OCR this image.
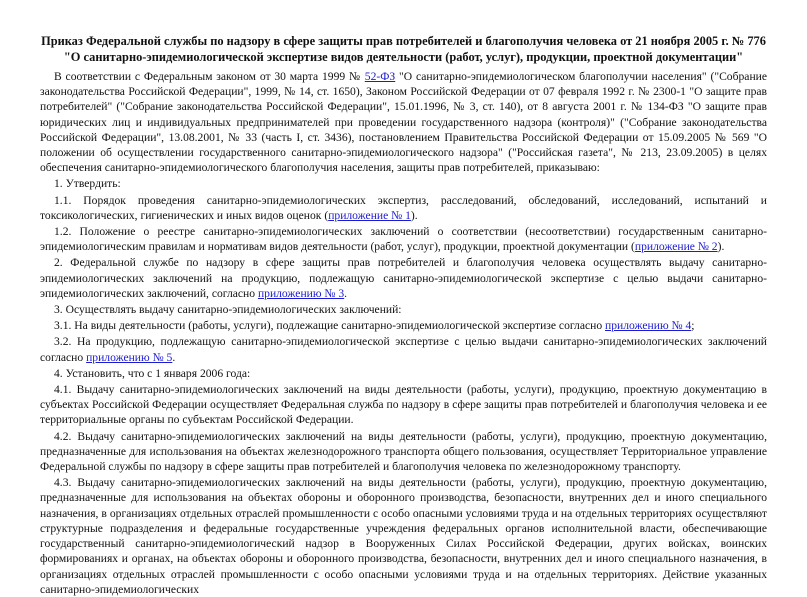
Приказ Федеральной службы по надзору в сфере защиты прав потребителей и благополучия человека от 21 ноября 2005 г. № 776
"О санитарно-эпидемиологической экспертизе видов деятельности (работ, услуг), продукции, проектной документации"

В соответствии с Федеральным законом от 30 марта 1999 № 52-ФЗ "О санитарно-эпидемиологическом благополучии населения" ("Собрание законодательства Российской Федерации", 1999, № 14, ст. 1650), Законом Российской Федерации от 07 февраля 1992 г. № 2300-1 "О защите прав потребителей" ("Собрание законодательства Российской Федерации", 15.01.1996, № 3, ст. 140), от 8 августа 2001 г. № 134-ФЗ "О защите прав юридических лиц и индивидуальных предпринимателей при проведении государственного надзора (контроля)" ("Собрание законодательства Российской Федерации", 13.08.2001, № 33 (часть I, ст. 3436), постановлением Правительства Российской Федерации от 15.09.2005 № 569 "О положении об осуществлении государственного санитарно-эпидемиологического надзора" ("Российская газета", № 213, 23.09.2005) в целях обеспечения санитарно-эпидемиологического благополучия населения, защиты прав потребителей, приказываю:

1. Утвердить:

1.1. Порядок проведения санитарно-эпидемиологических экспертиз, расследований, обследований, исследований, испытаний и токсикологических, гигиенических и иных видов оценок (приложение № 1).

1.2. Положение о реестре санитарно-эпидемиологических заключений о соответствии (несоответствии) государственным санитарно-эпидемиологическим правилам и нормативам видов деятельности (работ, услуг), продукции, проектной документации (приложение № 2).

2. Федеральной службе по надзору в сфере защиты прав потребителей и благополучия человека осуществлять выдачу санитарно-эпидемиологических заключений на продукцию, подлежащую санитарно-эпидемиологической экспертизе с целью выдачи санитарно-эпидемиологических заключений, согласно приложению № 3.

3. Осуществлять выдачу санитарно-эпидемиологических заключений:

3.1. На виды деятельности (работы, услуги), подлежащие санитарно-эпидемиологической экспертизе согласно приложению № 4;

3.2. На продукцию, подлежащую санитарно-эпидемиологической экспертизе с целью выдачи санитарно-эпидемиологических заключений согласно приложению № 5.

4. Установить, что с 1 января 2006 года:

4.1. Выдачу санитарно-эпидемиологических заключений на виды деятельности (работы, услуги), продукцию, проектную документацию в субъектах Российской Федерации осуществляет Федеральная служба по надзору в сфере защиты прав потребителей и благополучия человека и ее территориальные органы по субъектам Российской Федерации.

4.2. Выдачу санитарно-эпидемиологических заключений на виды деятельности (работы, услуги), продукцию, проектную документацию, предназначенные для использования на объектах железнодорожного транспорта общего пользования, осуществляет Территориальное управление Федеральной службы по надзору в сфере защиты прав потребителей и благополучия человека по железнодорожному транспорту.

4.3. Выдачу санитарно-эпидемиологических заключений на виды деятельности (работы, услуги), продукцию, проектную документацию, предназначенные для использования на объектах обороны и оборонного производства, безопасности, внутренних дел и иного специального назначения, в организациях отдельных отраслей промышленности с особо опасными условиями труда и на отдельных территориях осуществляют структурные подразделения и федеральные государственные учреждения федеральных органов исполнительной власти, обеспечивающие государственный санитарно-эпидемиологический надзор в Вооруженных Силах Российской Федерации, других войсках, воинских формированиях и органах, на объектах обороны и оборонного производства, безопасности, внутренних дел и иного специального назначения, в организациях отдельных отраслей промышленности с особо опасными условиями труда и на отдельных территориях. Действие указанных санитарно-эпидемиологических
